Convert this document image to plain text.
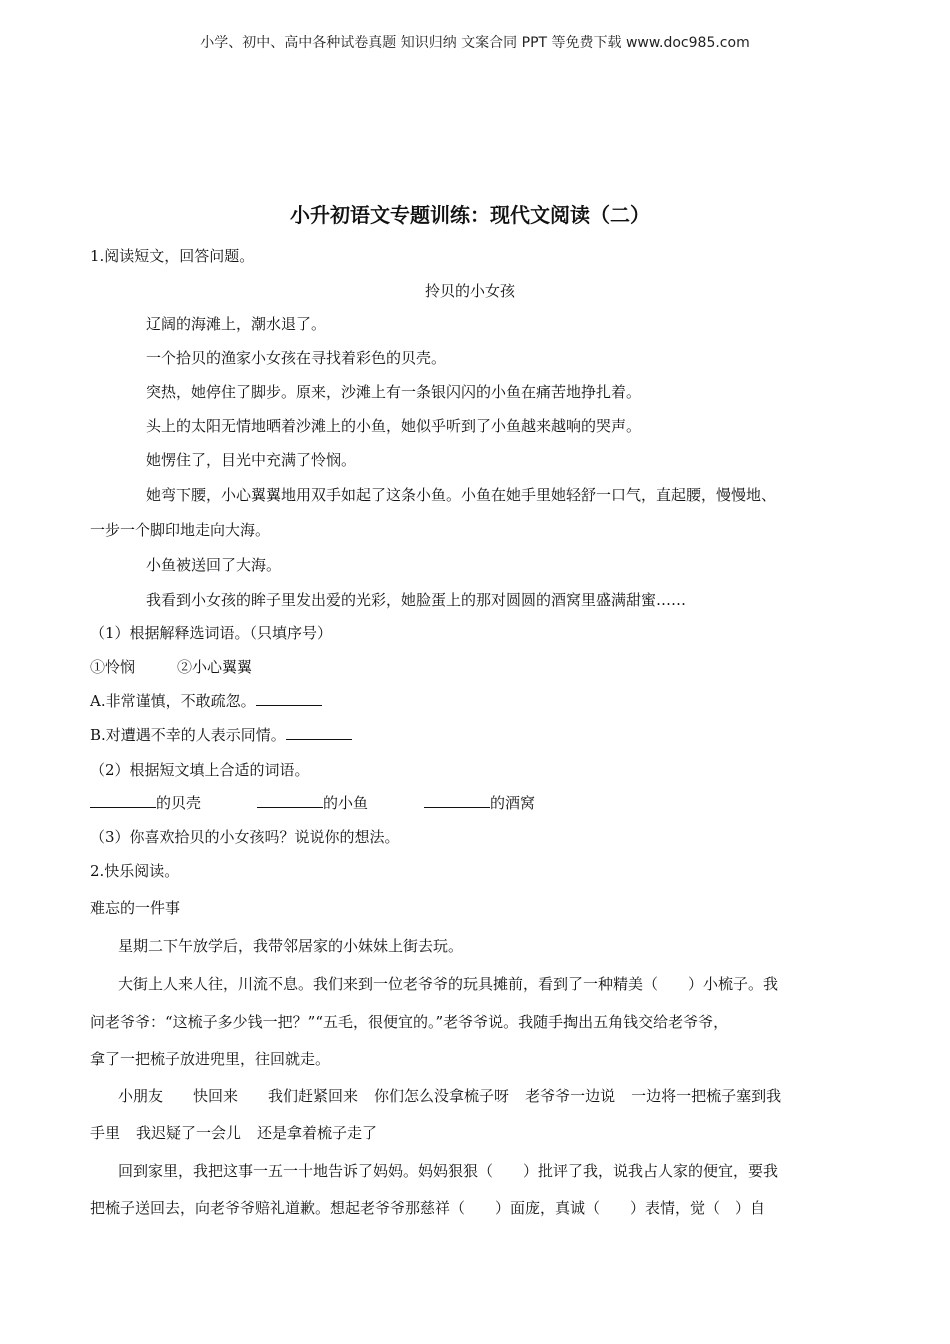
小学、初中、高中各种试卷真题 知识归纳 文案合同 PPT 等免费下载 www.doc985.com
小升初语文专题训练：现代文阅读（二）
1.阅读短文，回答问题。
拎贝的小女孩
辽阔的海滩上，潮水退了。
一个拾贝的渔家小女孩在寻找着彩色的贝壳。
突热，她停住了脚步。原来，沙滩上有一条银闪闪的小鱼在痛苦地挣扎着。
头上的太阳无情地晒着沙滩上的小鱼，她似乎听到了小鱼越来越响的哭声。
她愣住了，目光中充满了怜悯。
她弯下腰，小心翼翼地用双手如起了这条小鱼。小鱼在她手里她轻舒一口气，直起腰，慢慢地、
一步一个脚印地走向大海。
小鱼被送回了大海。
我看到小女孩的眸子里发出爱的光彩，她脸蛋上的那对圆圆的酒窝里盛满甜蜜……
（1）根据解释选词语。（只填序号）
①怜悯	②小心翼翼
A.非常谨慎，不敢疏忽。
B.对遭遇不幸的人表示同情。
（2）根据短文填上合适的词语。
的贝壳	的小鱼	的酒窝
（3）你喜欢拾贝的小女孩吗？说说你的想法。
2.快乐阅读。
难忘的一件事
星期二下午放学后，我带邻居家的小妹妹上街去玩。
大街上人来人往，川流不息。我们来到一位老爷爷的玩具摊前，看到了一种精美（　　）小梳子。我
问老爷爷：“这梳子多少钱一把？”“五毛，很便宜的。”老爷爷说。我随手掏出五角钱交给老爷爷，
拿了一把梳子放进兜里，往回就走。
小朋友 快回来 我们赶紧回来 你们怎么没拿梳子呀 老爷爷一边说 一边将一把梳子塞到我
手里 我迟疑了一会儿 还是拿着梳子走了
回到家里，我把这事一五一十地告诉了妈妈。妈妈狠狠（　　）批评了我，说我占人家的便宜，要我
把梳子送回去，向老爷爷赔礼道歉。想起老爷爷那慈祥（　　）面庞，真诚（　　）表情，觉（　）自
